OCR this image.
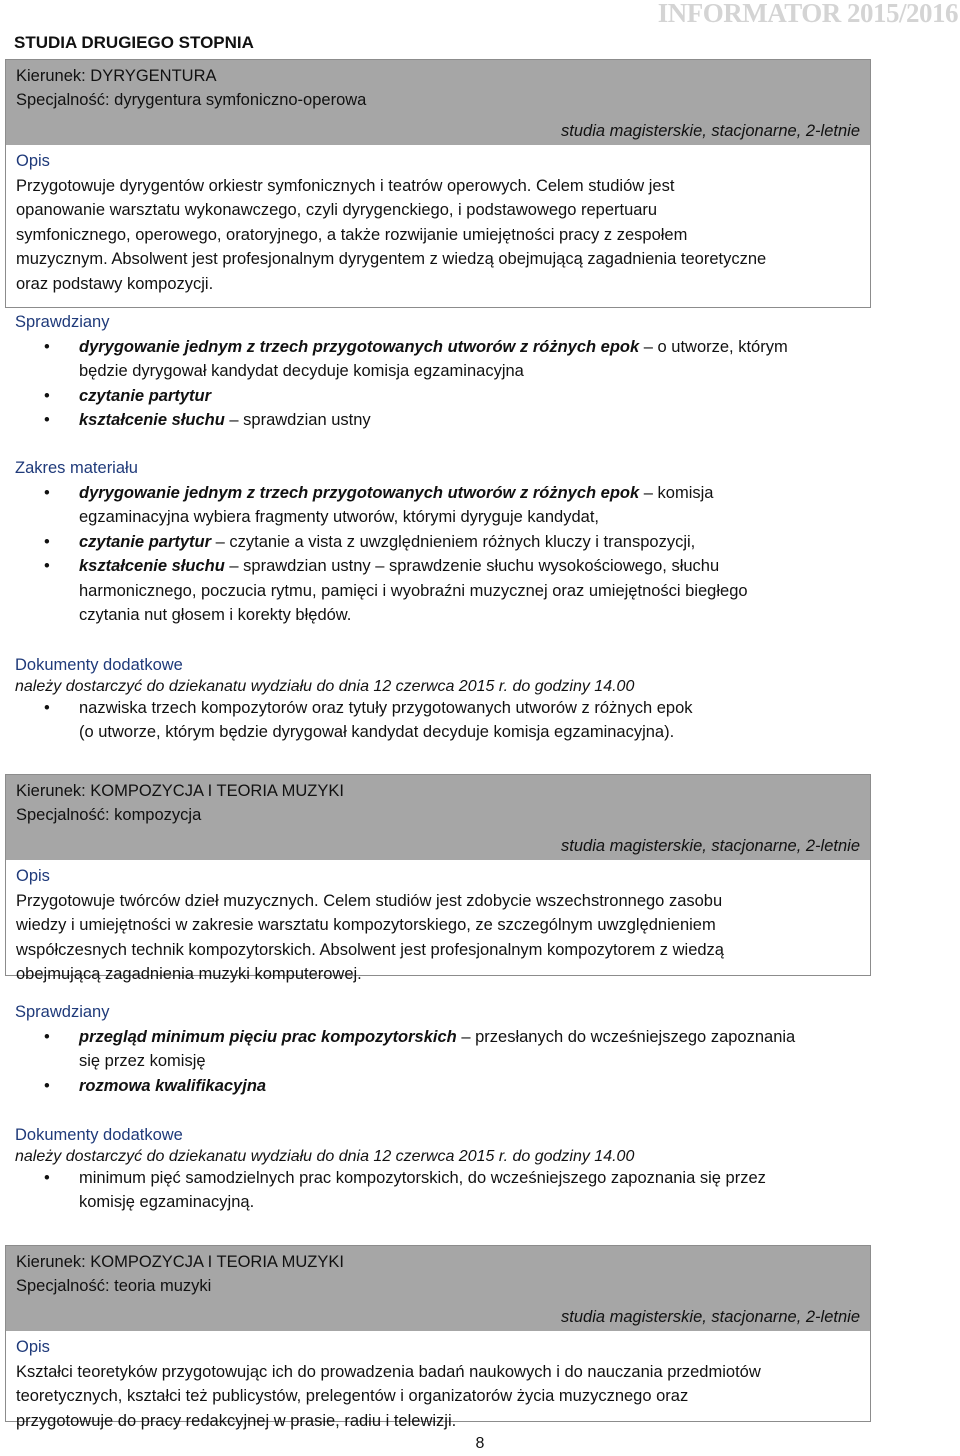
INFORMATOR 2015/2016
STUDIA DRUGIEGO STOPNIA
Kierunek: DYRYGENTURA
Specjalność: dyrygentura symfoniczno-operowa
studia magisterskie, stacjonarne, 2-letnie
Opis
Przygotowuje dyrygentów orkiestr symfonicznych i teatrów operowych. Celem studiów jest
opanowanie warsztatu wykonawczego, czyli dyrygenckiego, i podstawowego repertuaru
symfonicznego, operowego, oratoryjnego, a także rozwijanie umiejętności pracy z zespołem
muzycznym. Absolwent jest profesjonalnym dyrygentem z wiedzą obejmującą zagadnienia teoretyczne
oraz podstawy kompozycji.
Sprawdziany
• dyrygowanie jednym z trzech przygotowanych utworów z różnych epok – o utworze, którym
będzie dyrygował kandydat decyduje komisja egzaminacyjna
• czytanie partytur
• kształcenie słuchu – sprawdzian ustny
Zakres materiału
• dyrygowanie jednym z trzech przygotowanych utworów z różnych epok – komisja
egzaminacyjna wybiera fragmenty utworów, którymi dyryguje kandydat,
• czytanie partytur – czytanie a vista z uwzględnieniem różnych kluczy i transpozycji,
• kształcenie słuchu – sprawdzian ustny – sprawdzenie słuchu wysokościowego, słuchu
harmonicznego, poczucia rytmu, pamięci i wyobraźni muzycznej oraz umiejętności biegłego
czytania nut głosem i korekty błędów.
Dokumenty dodatkowe
należy dostarczyć do dziekanatu wydziału do dnia 12 czerwca 2015 r. do godziny 14.00
• nazwiska trzech kompozytorów oraz tytuły przygotowanych utworów z różnych epok
(o utworze, którym będzie dyrygował kandydat decyduje komisja egzaminacyjna).
Kierunek: KOMPOZYCJA I TEORIA MUZYKI
Specjalność: kompozycja
studia magisterskie, stacjonarne, 2-letnie
Opis
Przygotowuje twórców dzieł muzycznych. Celem studiów jest zdobycie wszechstronnego zasobu
wiedzy i umiejętności w zakresie warsztatu kompozytorskiego, ze szczególnym uwzględnieniem
współczesnych technik kompozytorskich. Absolwent jest profesjonalnym kompozytorem z wiedzą
obejmującą zagadnienia muzyki komputerowej.
Sprawdziany
• przegląd minimum pięciu prac kompozytorskich – przesłanych do wcześniejszego zapoznania
się przez komisję
• rozmowa kwalifikacyjna
Dokumenty dodatkowe
należy dostarczyć do dziekanatu wydziału do dnia 12 czerwca 2015 r. do godziny 14.00
• minimum pięć samodzielnych prac kompozytorskich, do wcześniejszego zapoznania się przez
komisję egzaminacyjną.
Kierunek: KOMPOZYCJA I TEORIA MUZYKI
Specjalność: teoria muzyki
studia magisterskie, stacjonarne, 2-letnie
Opis
Kształci teoretyków przygotowując ich do prowadzenia badań naukowych i do nauczania przedmiotów
teoretycznych, kształci też publicystów, prelegentów i organizatorów życia muzycznego oraz
przygotowuje do pracy redakcyjnej w prasie, radiu i telewizji.
8
